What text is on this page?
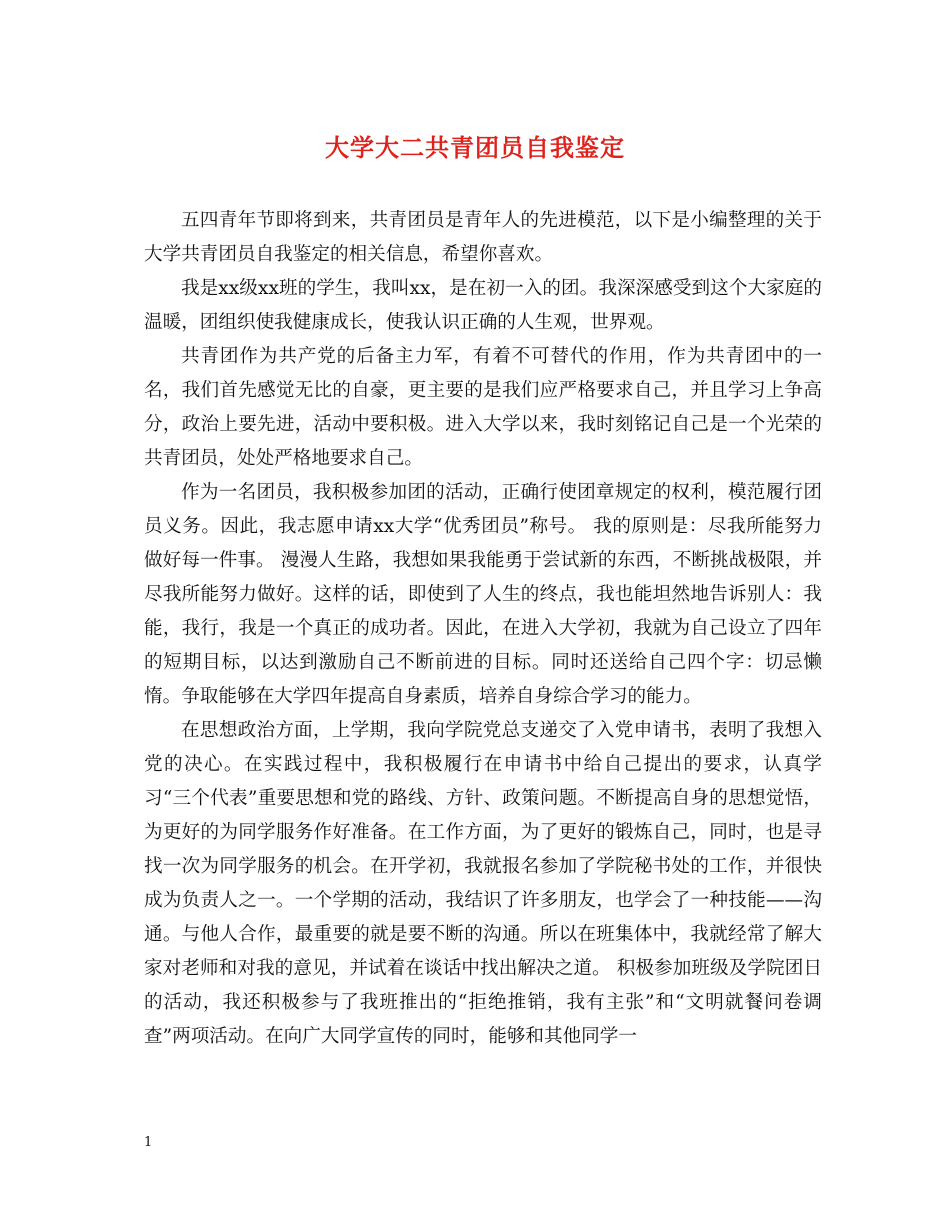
大学大二共青团员自我鉴定

五四青年节即将到来，共青团员是青年人的先进模范，以下是小编整理的关于大学共青团员自我鉴定的相关信息，希望你喜欢。

我是xx级xx班的学生，我叫xx，是在初一入的团。我深深感受到这个大家庭的温暖，团组织使我健康成长，使我认识正确的人生观，世界观。

共青团作为共产党的后备主力军，有着不可替代的作用，作为共青团中的一名，我们首先感觉无比的自豪，更主要的是我们应严格要求自己，并且学习上争高分，政治上要先进，活动中要积极。进入大学以来，我时刻铭记自己是一个光荣的共青团员，处处严格地要求自己。

作为一名团员，我积极参加团的活动，正确行使团章规定的权利，模范履行团员义务。因此，我志愿申请xx大学“优秀团员”称号。 我的原则是：尽我所能努力做好每一件事。 漫漫人生路，我想如果我能勇于尝试新的东西，不断挑战极限，并尽我所能努力做好。这样的话，即使到了人生的终点，我也能坦然地告诉别人：我能，我行，我是一个真正的成功者。因此，在进入大学初，我就为自己设立了四年的短期目标，以达到激励自己不断前进的目标。同时还送给自己四个字：切忌懒惰。争取能够在大学四年提高自身素质，培养自身综合学习的能力。

在思想政治方面，上学期，我向学院党总支递交了入党申请书，表明了我想入党的决心。在实践过程中，我积极履行在申请书中给自己提出的要求，认真学习“三个代表”重要思想和党的路线、方针、政策问题。不断提高自身的思想觉悟，为更好的为同学服务作好准备。在工作方面，为了更好的锻炼自己，同时，也是寻找一次为同学服务的机会。在开学初，我就报名参加了学院秘书处的工作，并很快成为负责人之一。一个学期的活动，我结识了许多朋友，也学会了一种技能——沟通。与他人合作，最重要的就是要不断的沟通。所以在班集体中，我就经常了解大家对老师和对我的意见，并试着在谈话中找出解决之道。 积极参加班级及学院团日的活动，我还积极参与了我班推出的“拒绝推销，我有主张”和“文明就餐问卷调查”两项活动。在向广大同学宣传的同时，能够和其他同学一

1
